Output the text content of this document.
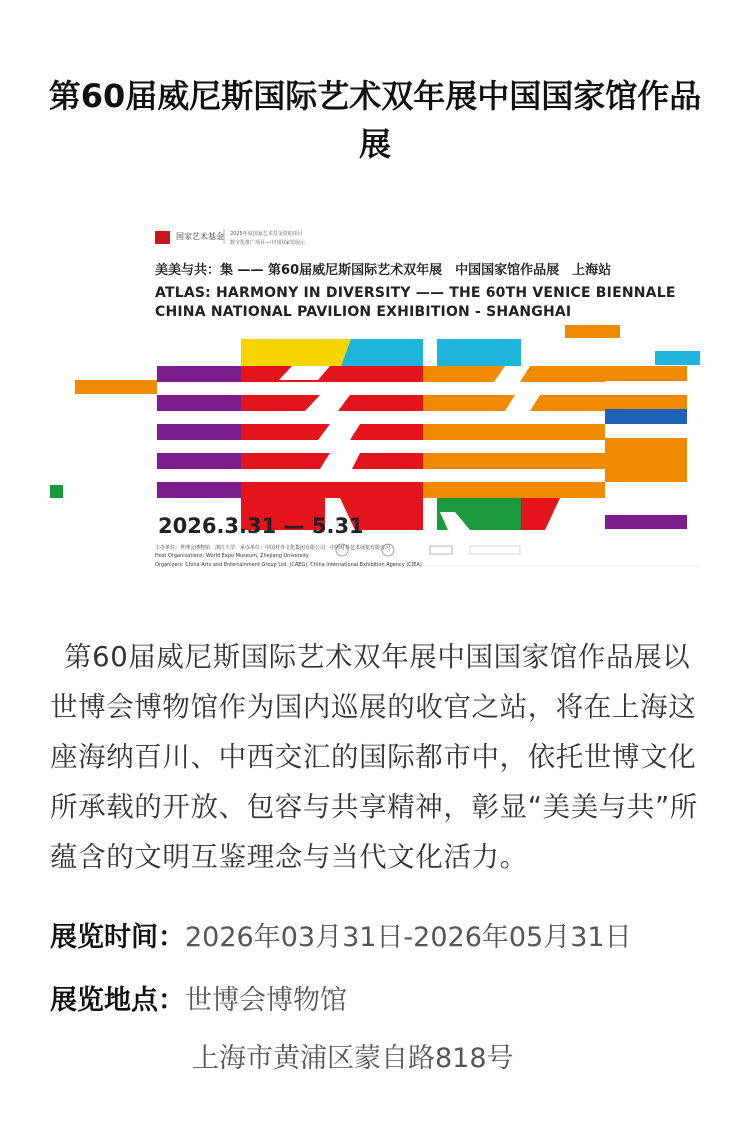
第60届威尼斯国际艺术双年展中国国家馆作品展
国家艺术基金 2025年度国家艺术基金资助项目
数字化推广项目—中国国家馆展示
美美与共：集 —— 第60届威尼斯国际艺术双年展　中国国家馆作品展　上海站
ATLAS: HARMONY IN DIVERSITY —— THE 60TH VENICE BIENNALE
CHINA NATIONAL PAVILION EXHIBITION - SHANGHAI
2026.3.31 — 5.31
主办单位：世博会博物馆　浙江大学　承办单位：中国对外文化集团有限公司　中国对外艺术展览有限公司
Host Organizations: World Expo Museum, Zhejiang University
Organizers: China Arts and Entertainment Group Ltd. (CAEG), China International Exhibition Agency (CIEA)
第60届威尼斯国际艺术双年展中国国家馆作品展以世博会博物馆作为国内巡展的收官之站，将在上海这座海纳百川、中西交汇的国际都市中，依托世博文化所承载的开放、包容与共享精神，彰显“美美与共”所蕴含的文明互鉴理念与当代文化活力。
展览时间：2026年03月31日-2026年05月31日
展览地点：世博会博物馆
上海市黄浦区蒙自路818号
